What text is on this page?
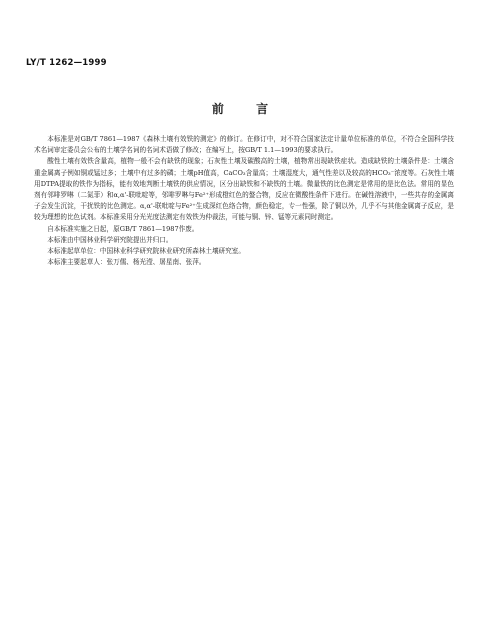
LY/T 1262—1999
前 言

本标准是对GB/T 7861—1987《森林土壤有效铁的测定》的修订。在修订中，对不符合国家法定计量单位标准的单位，不符合全国科学技术名词审定委员会公布的土壤学名词的名词术语做了修改；在编写上，按GB/T 1.1—1993的要求执行。

酸性土壤有效铁含量高，植物一般不会有缺铁的现象；石灰性土壤及碳酸高的土壤，植物常出现缺铁症状。造成缺铁的土壤条件是：土壤含重金属离子例如铜或锰过多；土壤中有过多的磷；土壤pH值高，CaCO₃含量高；土壤湿度大，通气性差以及较高的HCO₃⁻浓度等。石灰性土壤用DTPA提取的铁作为指标，能有效地判断土壤铁的供应情况，区分出缺铁和不缺铁的土壤。微量铁的比色测定是常用的是比色法。常用的显色剂有邻啡罗啉（二氮菲）和α,α'-联吡啶等，邻啡罗啉与Fe²⁺形成橙红色的螯合物，反应在微酸性条件下进行。在碱性溶液中，一些共存的金属离子会发生沉淀，干扰铁的比色测定。α,α'-联吡啶与Fe²⁺生成深红色络合物，颜色稳定，专一性强，除了铜以外，几乎不与其他金属离子反应，是较为理想的比色试剂。本标准采用分光光度法测定有效铁为仲裁法，可能与铜、锌、锰等元素同时测定。

自本标准实施之日起，原GB/T 7861—1987作废。

本标准由中国林业科学研究院提出并归口。

本标准起草单位：中国林业科学研究院林业研究所森林土壤研究室。

本标准主要起草人：张万儒、杨光滢、屠星南、张萍。
